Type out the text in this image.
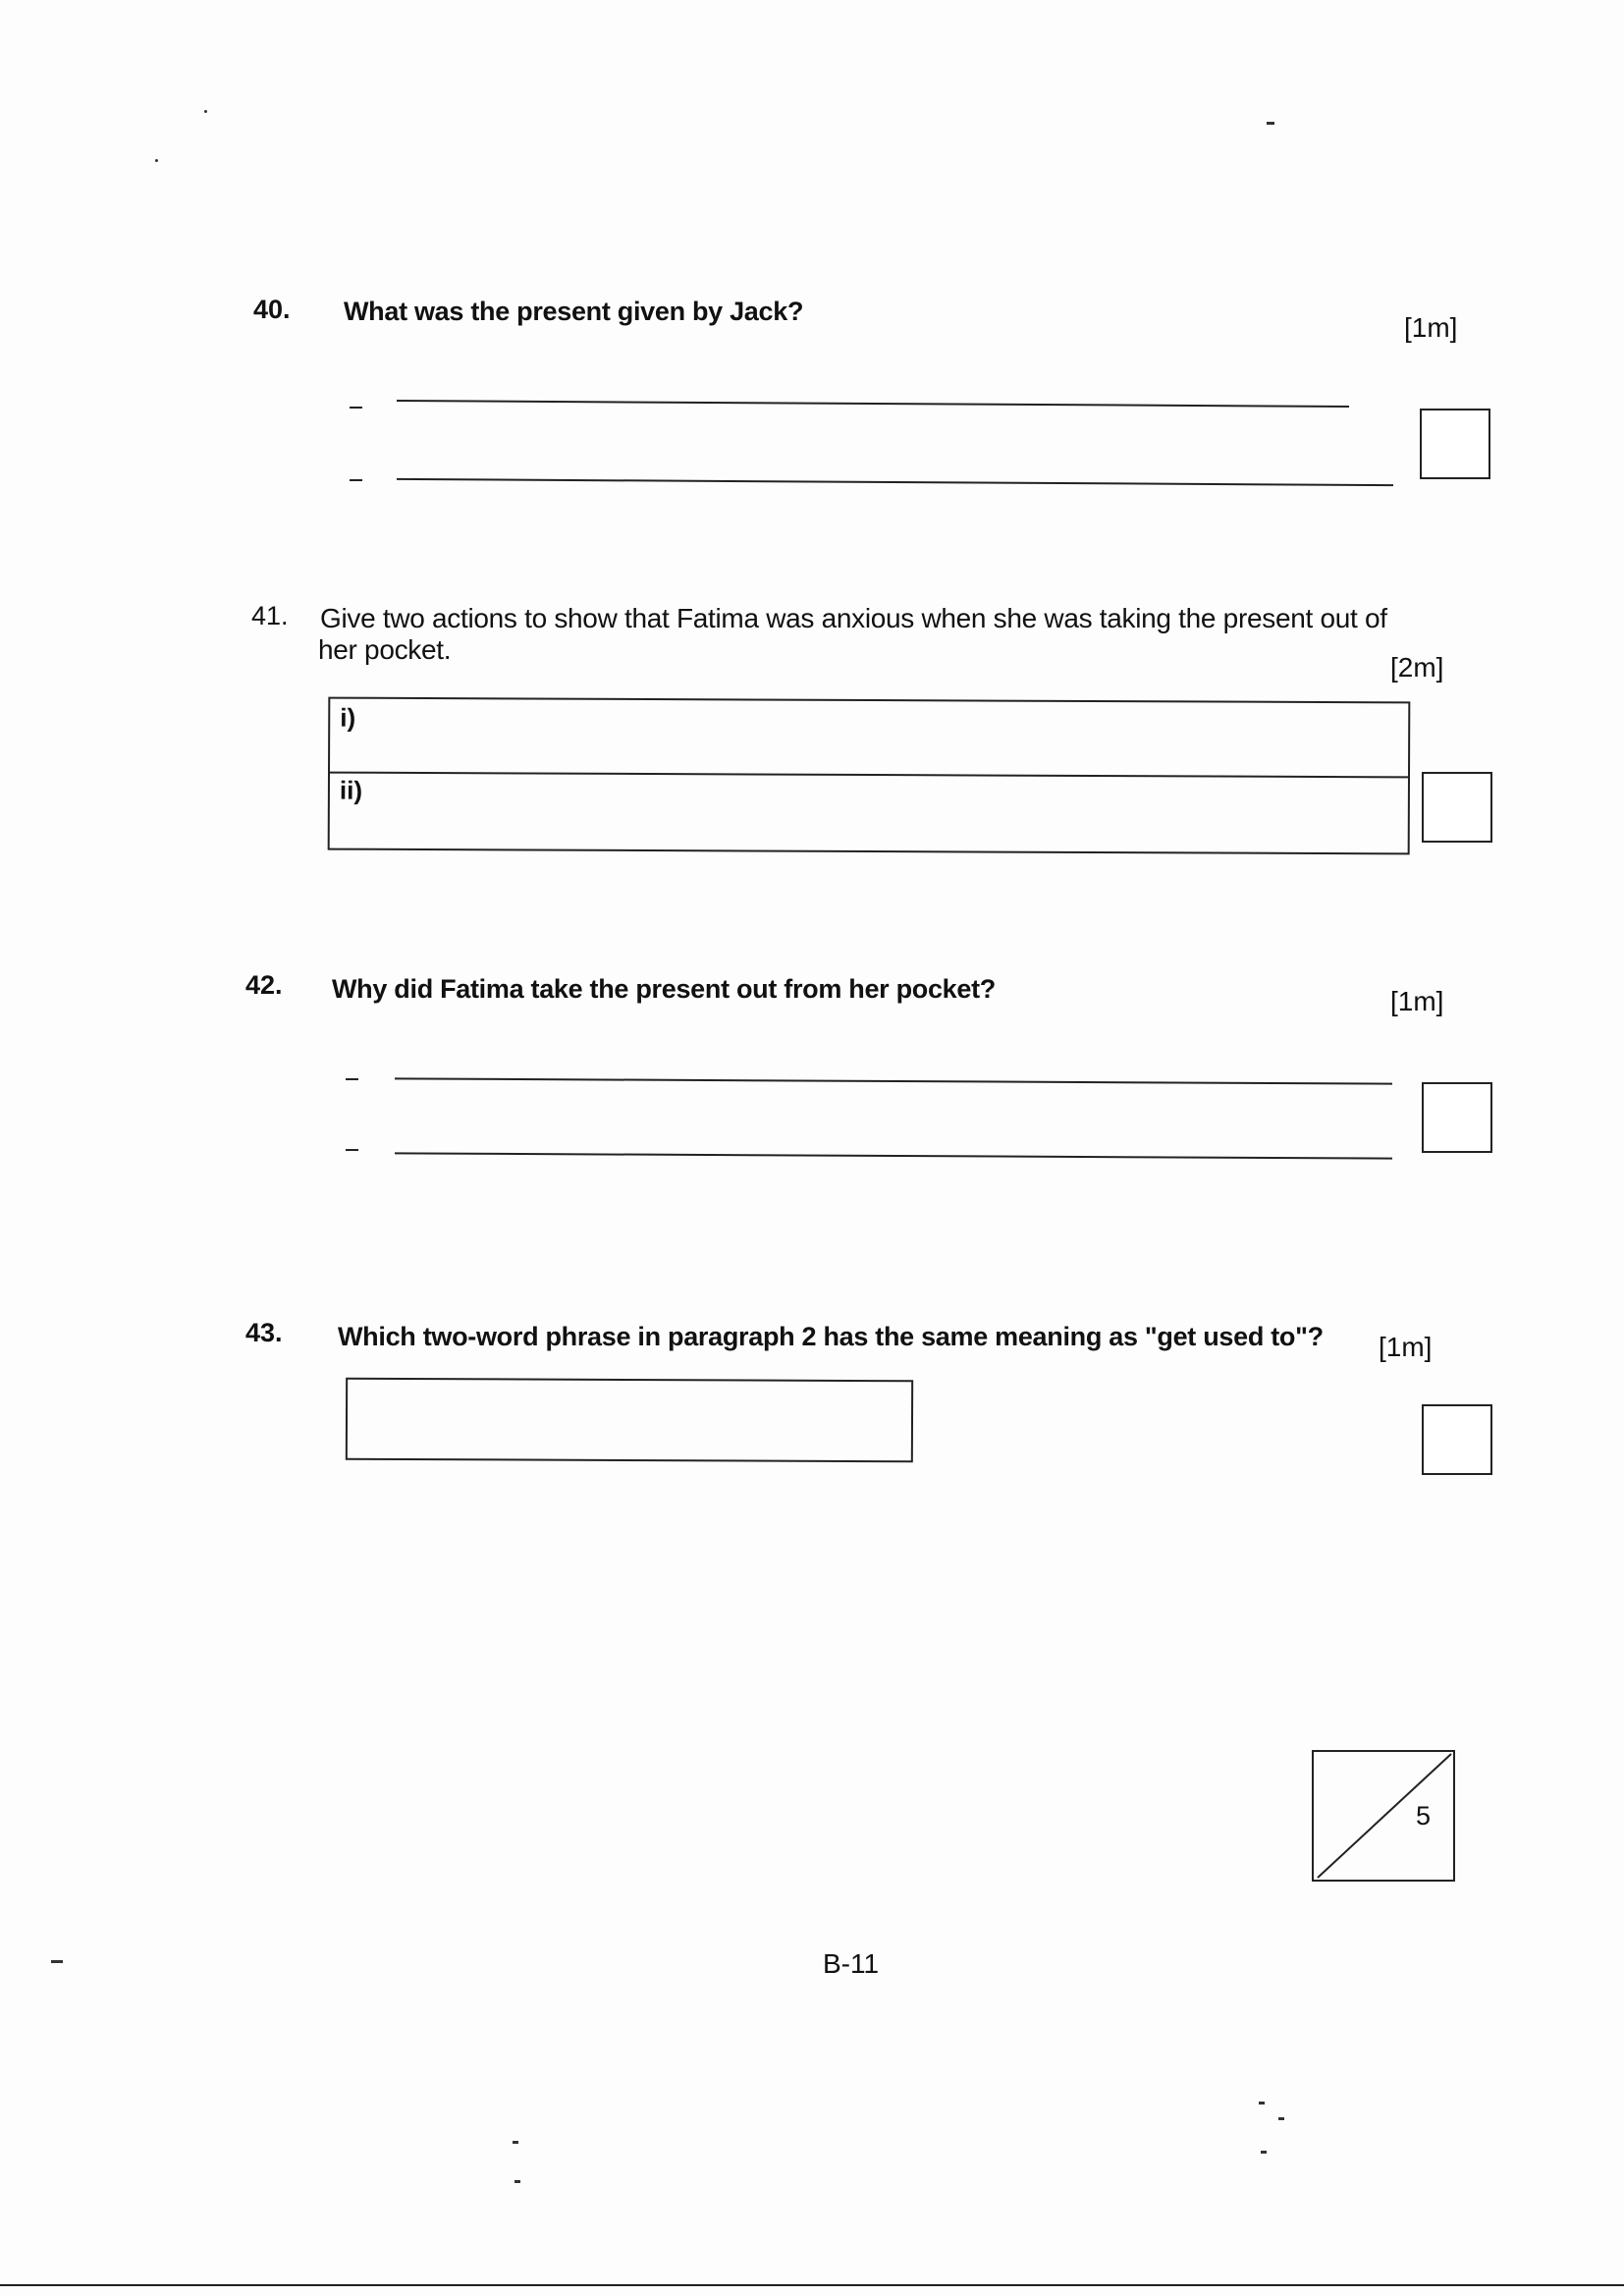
40. What was the present given by Jack?
[1m]
41. Give two actions to show that Fatima was anxious when she was taking the present out of
her pocket.
[2m]
i)
ii)
42. Why did Fatima take the present out from her pocket?	[1m]
43. Which two-word phrase in paragraph 2 has the same meaning as "get used to"? [1m]
5
B-11
